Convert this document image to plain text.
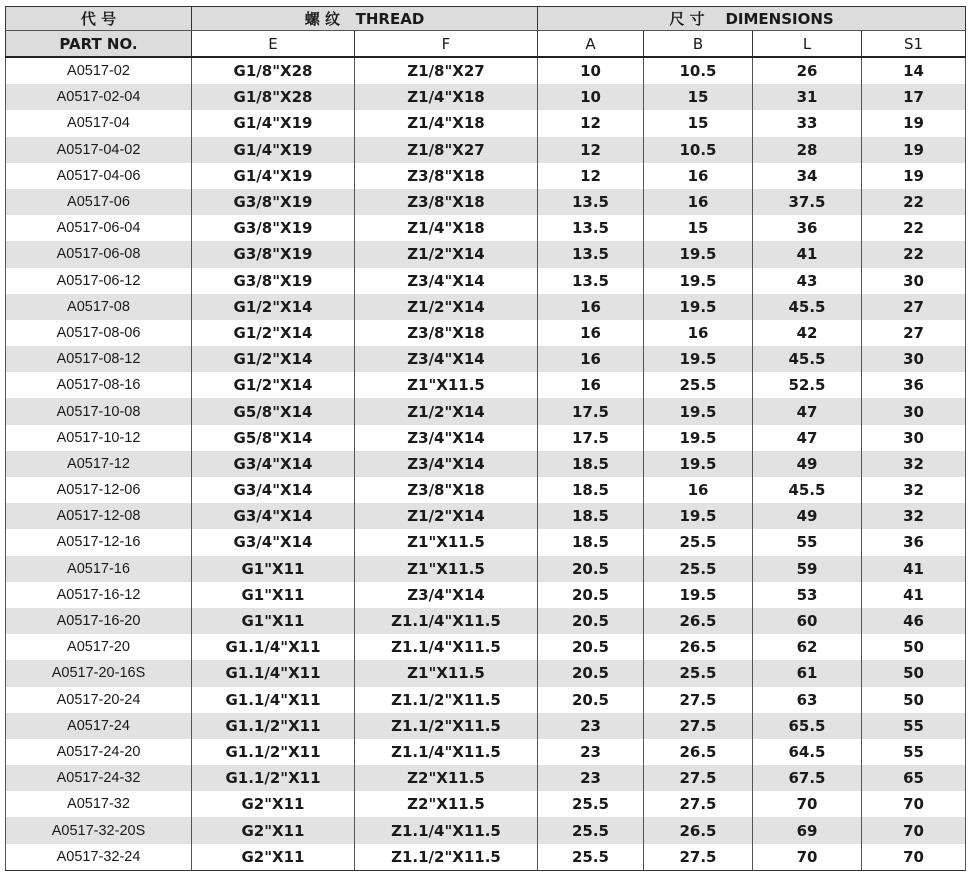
代 号	螺 纹 THREAD		尺 寸 DIMENSIONS			
PART NO.	E	F	A	B	L	S1
A0517-02	G1/8"X28	Z1/8"X27	10	10.5	26	14
A0517-02-04	G1/8"X28	Z1/4"X18	10	15	31	17
A0517-04	G1/4"X19	Z1/4"X18	12	15	33	19
A0517-04-02	G1/4"X19	Z1/8"X27	12	10.5	28	19
A0517-04-06	G1/4"X19	Z3/8"X18	12	16	34	19
A0517-06	G3/8"X19	Z3/8"X18	13.5	16	37.5	22
A0517-06-04	G3/8"X19	Z1/4"X18	13.5	15	36	22
A0517-06-08	G3/8"X19	Z1/2"X14	13.5	19.5	41	22
A0517-06-12	G3/8"X19	Z3/4"X14	13.5	19.5	43	30
A0517-08	G1/2"X14	Z1/2"X14	16	19.5	45.5	27
A0517-08-06	G1/2"X14	Z3/8"X18	16	16	42	27
A0517-08-12	G1/2"X14	Z3/4"X14	16	19.5	45.5	30
A0517-08-16	G1/2"X14	Z1"X11.5	16	25.5	52.5	36
A0517-10-08	G5/8"X14	Z1/2"X14	17.5	19.5	47	30
A0517-10-12	G5/8"X14	Z3/4"X14	17.5	19.5	47	30
A0517-12	G3/4"X14	Z3/4"X14	18.5	19.5	49	32
A0517-12-06	G3/4"X14	Z3/8"X18	18.5	16	45.5	32
A0517-12-08	G3/4"X14	Z1/2"X14	18.5	19.5	49	32
A0517-12-16	G3/4"X14	Z1"X11.5	18.5	25.5	55	36
A0517-16	G1"X11	Z1"X11.5	20.5	25.5	59	41
A0517-16-12	G1"X11	Z3/4"X14	20.5	19.5	53	41
A0517-16-20	G1"X11	Z1.1/4"X11.5	20.5	26.5	60	46
A0517-20	G1.1/4"X11	Z1.1/4"X11.5	20.5	26.5	62	50
A0517-20-16S	G1.1/4"X11	Z1"X11.5	20.5	25.5	61	50
A0517-20-24	G1.1/4"X11	Z1.1/2"X11.5	20.5	27.5	63	50
A0517-24	G1.1/2"X11	Z1.1/2"X11.5	23	27.5	65.5	55
A0517-24-20	G1.1/2"X11	Z1.1/4"X11.5	23	26.5	64.5	55
A0517-24-32	G1.1/2"X11	Z2"X11.5	23	27.5	67.5	65
A0517-32	G2"X11	Z2"X11.5	25.5	27.5	70	70
A0517-32-20S	G2"X11	Z1.1/4"X11.5	25.5	26.5	69	70
A0517-32-24	G2"X11	Z1.1/2"X11.5	25.5	27.5	70	70
